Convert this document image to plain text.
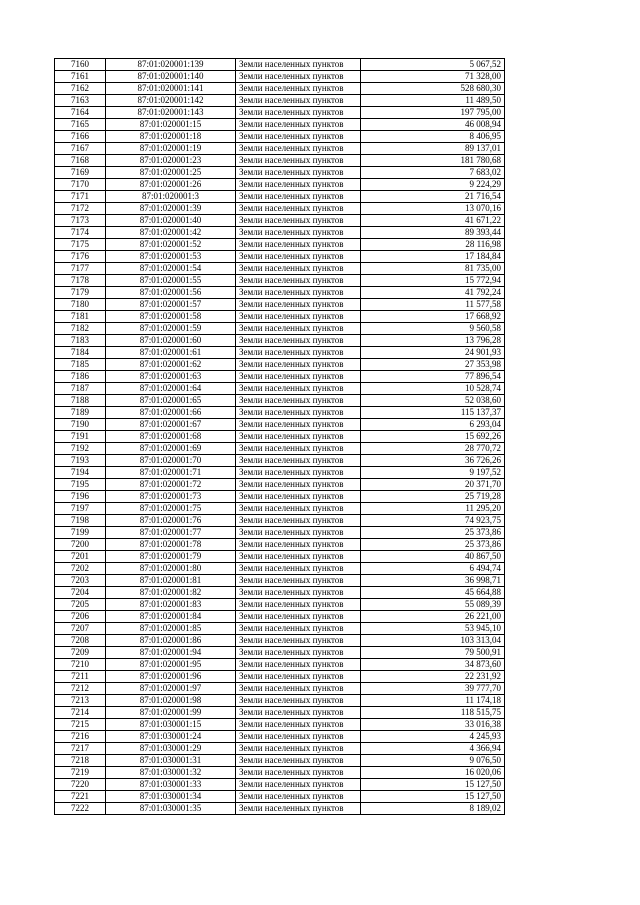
7160	87:01:020001:139	Земли населенных пунктов	5 067,52
7161	87:01:020001:140	Земли населенных пунктов	71 328,00
7162	87:01:020001:141	Земли населенных пунктов	528 680,30
7163	87:01:020001:142	Земли населенных пунктов	11 489,50
7164	87:01:020001:143	Земли населенных пунктов	197 795,00
7165	87:01:020001:15	Земли населенных пунктов	46 008,94
7166	87:01:020001:18	Земли населенных пунктов	8 406,95
7167	87:01:020001:19	Земли населенных пунктов	89 137,01
7168	87:01:020001:23	Земли населенных пунктов	181 780,68
7169	87:01:020001:25	Земли населенных пунктов	7 683,02
7170	87:01:020001:26	Земли населенных пунктов	9 224,29
7171	87:01:020001:3	Земли населенных пунктов	21 716,54
7172	87:01:020001:39	Земли населенных пунктов	13 070,16
7173	87:01:020001:40	Земли населенных пунктов	41 671,22
7174	87:01:020001:42	Земли населенных пунктов	89 393,44
7175	87:01:020001:52	Земли населенных пунктов	28 116,98
7176	87:01:020001:53	Земли населенных пунктов	17 184,84
7177	87:01:020001:54	Земли населенных пунктов	81 735,00
7178	87:01:020001:55	Земли населенных пунктов	15 772,94
7179	87:01:020001:56	Земли населенных пунктов	41 792,24
7180	87:01:020001:57	Земли населенных пунктов	11 577,58
7181	87:01:020001:58	Земли населенных пунктов	17 668,92
7182	87:01:020001:59	Земли населенных пунктов	9 560,58
7183	87:01:020001:60	Земли населенных пунктов	13 796,28
7184	87:01:020001:61	Земли населенных пунктов	24 901,93
7185	87:01:020001:62	Земли населенных пунктов	27 353,98
7186	87:01:020001:63	Земли населенных пунктов	77 896,54
7187	87:01:020001:64	Земли населенных пунктов	10 528,74
7188	87:01:020001:65	Земли населенных пунктов	52 038,60
7189	87:01:020001:66	Земли населенных пунктов	115 137,37
7190	87:01:020001:67	Земли населенных пунктов	6 293,04
7191	87:01:020001:68	Земли населенных пунктов	15 692,26
7192	87:01:020001:69	Земли населенных пунктов	28 770,72
7193	87:01:020001:70	Земли населенных пунктов	36 726,26
7194	87:01:020001:71	Земли населенных пунктов	9 197,52
7195	87:01:020001:72	Земли населенных пунктов	20 371,70
7196	87:01:020001:73	Земли населенных пунктов	25 719,28
7197	87:01:020001:75	Земли населенных пунктов	11 295,20
7198	87:01:020001:76	Земли населенных пунктов	74 923,75
7199	87:01:020001:77	Земли населенных пунктов	25 373,86
7200	87:01:020001:78	Земли населенных пунктов	25 373,86
7201	87:01:020001:79	Земли населенных пунктов	40 867,50
7202	87:01:020001:80	Земли населенных пунктов	6 494,74
7203	87:01:020001:81	Земли населенных пунктов	36 998,71
7204	87:01:020001:82	Земли населенных пунктов	45 664,88
7205	87:01:020001:83	Земли населенных пунктов	55 089,39
7206	87:01:020001:84	Земли населенных пунктов	26 221,00
7207	87:01:020001:85	Земли населенных пунктов	53 945,10
7208	87:01:020001:86	Земли населенных пунктов	103 313,04
7209	87:01:020001:94	Земли населенных пунктов	79 500,91
7210	87:01:020001:95	Земли населенных пунктов	34 873,60
7211	87:01:020001:96	Земли населенных пунктов	22 231,92
7212	87:01:020001:97	Земли населенных пунктов	39 777,70
7213	87:01:020001:98	Земли населенных пунктов	11 174,18
7214	87:01:020001:99	Земли населенных пунктов	118 515,75
7215	87:01:030001:15	Земли населенных пунктов	33 016,38
7216	87:01:030001:24	Земли населенных пунктов	4 245,93
7217	87:01:030001:29	Земли населенных пунктов	4 366,94
7218	87:01:030001:31	Земли населенных пунктов	9 076,50
7219	87:01:030001:32	Земли населенных пунктов	16 020,06
7220	87:01:030001:33	Земли населенных пунктов	15 127,50
7221	87:01:030001:34	Земли населенных пунктов	15 127,50
7222	87:01:030001:35	Земли населенных пунктов	8 189,02
